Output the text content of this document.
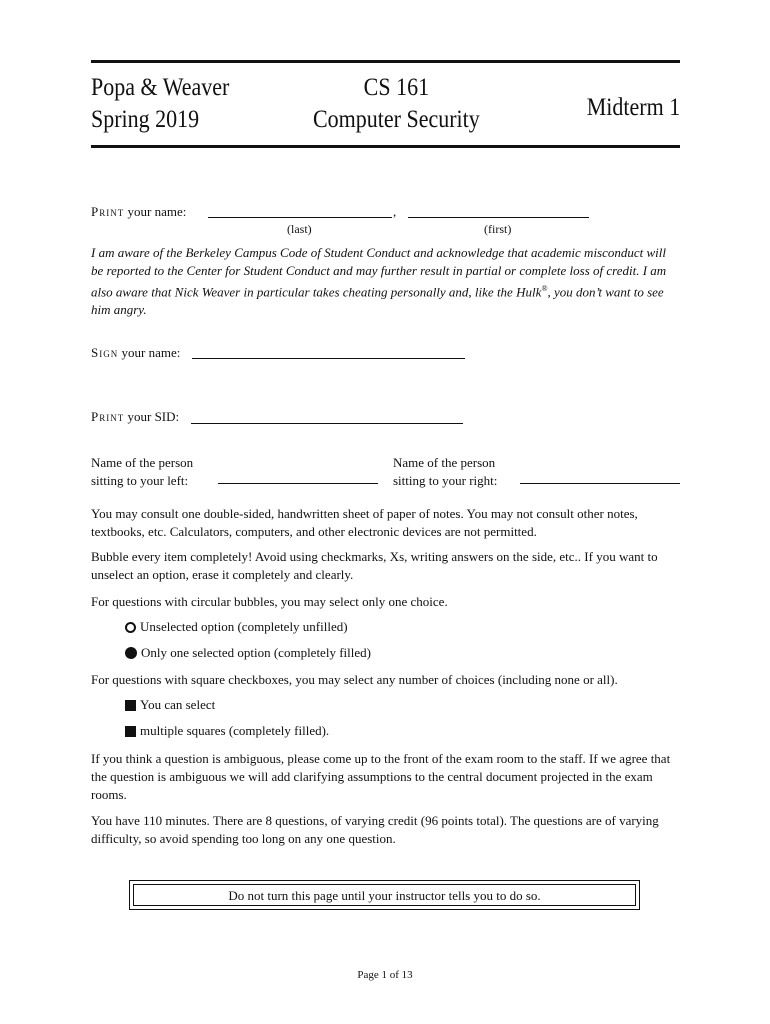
Popa & Weaver
Spring 2019
CS 161
Computer Security	Midterm 1
Print your name:	,
(last)	(first)
I am aware of the Berkeley Campus Code of Student Conduct and acknowledge that academic misconduct will be reported to the Center for Student Conduct and may further result in partial or complete loss of credit. I am also aware that Nick Weaver in particular takes cheating personally and, like the Hulk®, you don’t want to see him angry.
Sign your name:
Print your SID:
Name of the person
sitting to your left:
Name of the person
sitting to your right:
You may consult one double-sided, handwritten sheet of paper of notes. You may not consult other notes, textbooks, etc. Calculators, computers, and other electronic devices are not permitted.
Bubble every item completely! Avoid using checkmarks, Xs, writing answers on the side, etc.. If you want to unselect an option, erase it completely and clearly.
For questions with circular bubbles, you may select only one choice.
Unselected option (completely unfilled)
Only one selected option (completely filled)
For questions with square checkboxes, you may select any number of choices (including none or all).
You can select
multiple squares (completely filled).
If you think a question is ambiguous, please come up to the front of the exam room to the staff. If we agree that the question is ambiguous we will add clarifying assumptions to the central document projected in the exam rooms.
You have 110 minutes. There are 8 questions, of varying credit (96 points total). The questions are of varying difficulty, so avoid spending too long on any one question.
Do not turn this page until your instructor tells you to do so.
Page 1 of 13
